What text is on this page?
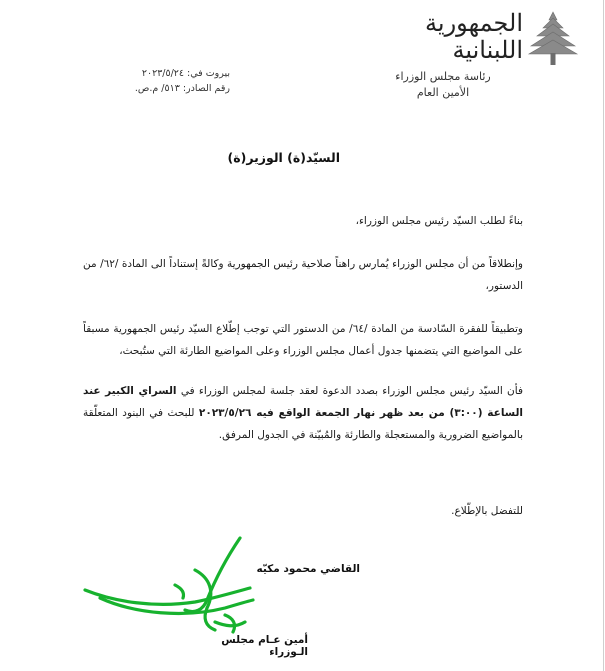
الجمهورية اللبنانية
رئاسة مجلس الوزراء
الأمين العام
بيروت في: ٢٠٢٣/٥/٢٤
رقم الصادر: ٥١٣/ م.ص.
السيّد(ة) الوزير(ة)
بناءً لطلب السيّد رئيس مجلس الوزراء،
وإنطلاقاً من أن مجلس الوزراء يُمارس راهناً صلاحية رئيس الجمهورية وكالةً إستناداً الى المادة /٦٢/ من الدستور،
وتطبيقاً للفقرة السّادسة من المادة /٦٤/ من الدستور التي توجب إطّلاع السيّد رئيس الجمهورية مسبقاً على المواضيع التي يتضمنها جدول أعمال مجلس الوزراء وعلى المواضيع الطارئة التي ستُبحث،
فأن السيّد رئيس مجلس الوزراء بصدد الدعوة لعقد جلسة لمجلس الوزراء في السراي الكبير عند الساعة (٣:٠٠) من بعد ظهر نهار الجمعة الواقع فيه ٢٠٢٣/٥/٢٦ للبحث في البنود المتعلّقة بالمواضيع الضرورية والمستعجلة والطارئة والمُبيّنة في الجدول المرفق.
للتفضل بالإطّلاع.
القاضي محمود مكيّه
أمين عـام مجلس الـوزراء
